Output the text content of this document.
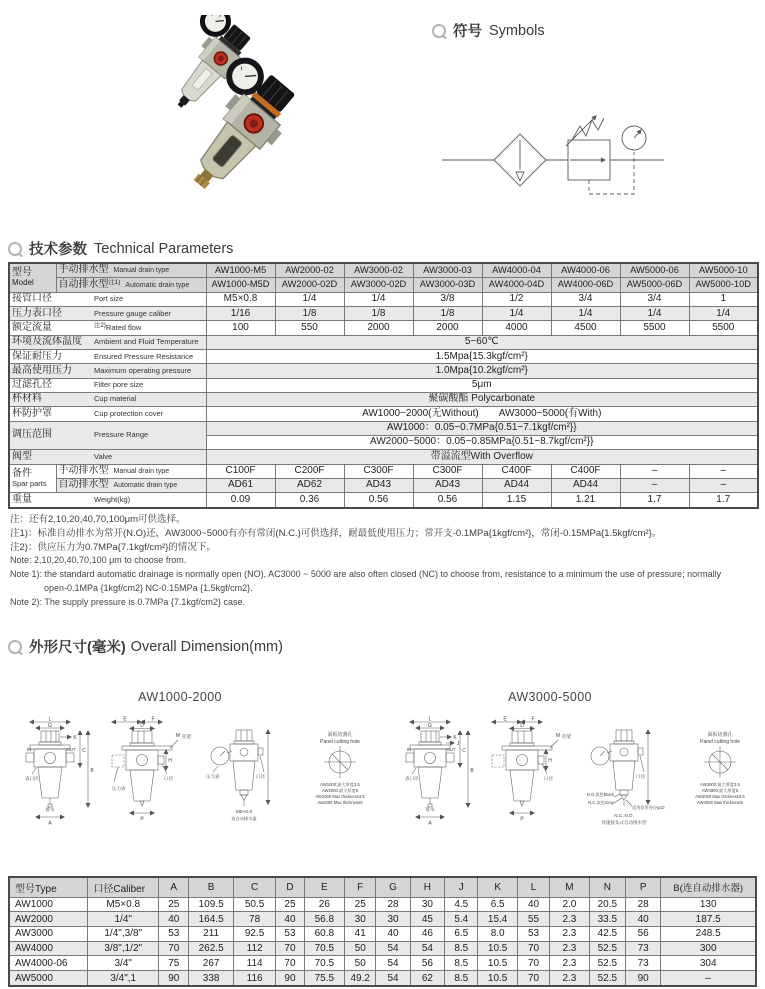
符号 Symbols
技术参数 Technical Parameters
型号
Model	手动排水型 Manual drain type	AW1000-M5	AW2000-02	AW3000-02	AW3000-03	AW4000-04	AW4000-06	AW5000-06	AW5000-10
	自动排水型$^{注1)}$ Automatic drain type	AW1000-M5D	AW2000-02D	AW3000-02D	AW3000-03D	AW4000-04D	AW4000-06D	AW5000-06D	AW5000-10D
接管口径 Port size		M5×0.8	1/4	1/4	3/8	1/2	3/4	3/4	1
压力表口径 Pressure gauge caliber		1/16	1/8	1/8	1/8	1/4	1/4	1/4	1/4
额定流量 $^{注2)}$Rated flow		100	550	2000	2000	4000	4500	5500	5500
环境及流体温度 Ambient and Fluid Temperature		5~60℃							
保证耐压力 Ensured Pressure Resistance		1.5Mpa{15.3kgf/cm²}							
最高使用压力 Maximum operating pressure		1.0Mpa{10.2kgf/cm²}							
过滤孔径 Filter pore size		5μm							
杯材料 Cup material		聚碳酸酯 Polycarbonate							
杯防护罩 Cup protection cover		AW1000~2000(无Without)　　AW3000~5000(有With)							
调压范围 Pressure Range		AW1000：0.05~0.7MPa{0.51~7.1kgf/cm²}}							
		AW2000~5000：0.05~0.85MPa{0.51~8.7kgf/cm²}}							
阀型 Valve		带溢流型With Overflow							

备件
Spar parts	手动排水型 Manual drain type	C100F	C200F	C300F	C300F	C400F	C400F	–	–
	自动排水型 Automatic drain type	AD61	AD62	AD43	AD43	AD44	AD44	–	–
重量 Weight(kg)		0.09	0.36	0.56	0.56	1.15	1.21	1.7	1.7
注：还有2,10,20,40,70,100μm可供选择。
注1)：标准自动排水为常开(N.O)还，AW3000~5000有亦有常闭(N.C.)可供选择，耐最低使用压力；常开支-0.1MPa{1kgf/cm²}，常闭-0.15MPa{1.5kgf/cm²}。
注2)：供应压力为0.7MPa{7.1kgf/cm²}的情况下。
Note: 2,10,20,40,70,100 μm to choose from.
Note 1): the standard automatic drainage is normally open (NO), AC3000 ~ 5000 are also often closed (NC) to choose from, resistance to a minimum the use of pressure; normally
open-0.1MPa {1kgf/cm2} NC-0.15MPa {1.5kgf/cm2}.
Note 2): The supply pressure is 0.7MPa {7.1kgf/cm2} case.
外形尺寸(毫米) Overall Dimension(mm)
AW1000-2000	AW3000-5000
L
G
K
C
B
IN	OUT
表口径
排水
A
E	F
D
M 托架
H
口径
压力表
P
口径
压力表
M5×0.8
连自动排水器
面板切割孔
Panel cutting hole
AW1000:最大厚度3.5
AW2000:最大厚度5
AW1000 Max thickness3.5
Aw2000 Max thickness5
L
G
K
J
C
B
IN	OUT
表口径
排水
A
E	F
D
M 托架
H
口径
P
口径
N.O.黑色Black
N.C.灰色Gray
适用软管外径φ10
N.C.,N.O.
快速接头式自动排水型
面板切割孔
Panel cutting hole
AW3000:最大厚度3.5
AW4000:最大厚度5
AW3000 Max thickness3.5
AW4000 Max thickness5
型号Type	口径Caliber	A	B	C	D	E	F	G	H	J	K	L	M	N	P	B(连自动排水器)
AW1000	M5×0.8	25	109.5	50.5	25	26	25	28	30	4.5	6.5	40	2.0	20.5	28	130
AW2000	1/4"	40	164.5	78	40	56.8	30	30	45	5.4	15.4	55	2.3	33.5	40	187.5
AW3000	1/4",3/8"	53	211	92.5	53	60.8	41	40	46	6.5	8.0	53	2.3	42.5	56	248.5
AW4000	3/8",1/2"	70	262.5	112	70	70.5	50	54	54	8.5	10.5	70	2.3	52.5	73	300
AW4000-06	3/4"	75	267	114	70	70.5	50	54	56	8.5	10.5	70	2.3	52.5	73	304
AW5000	3/4",1	90	338	116	90	75.5	49.2	54	62	8.5	10.5	70	2.3	52.5	90	–
